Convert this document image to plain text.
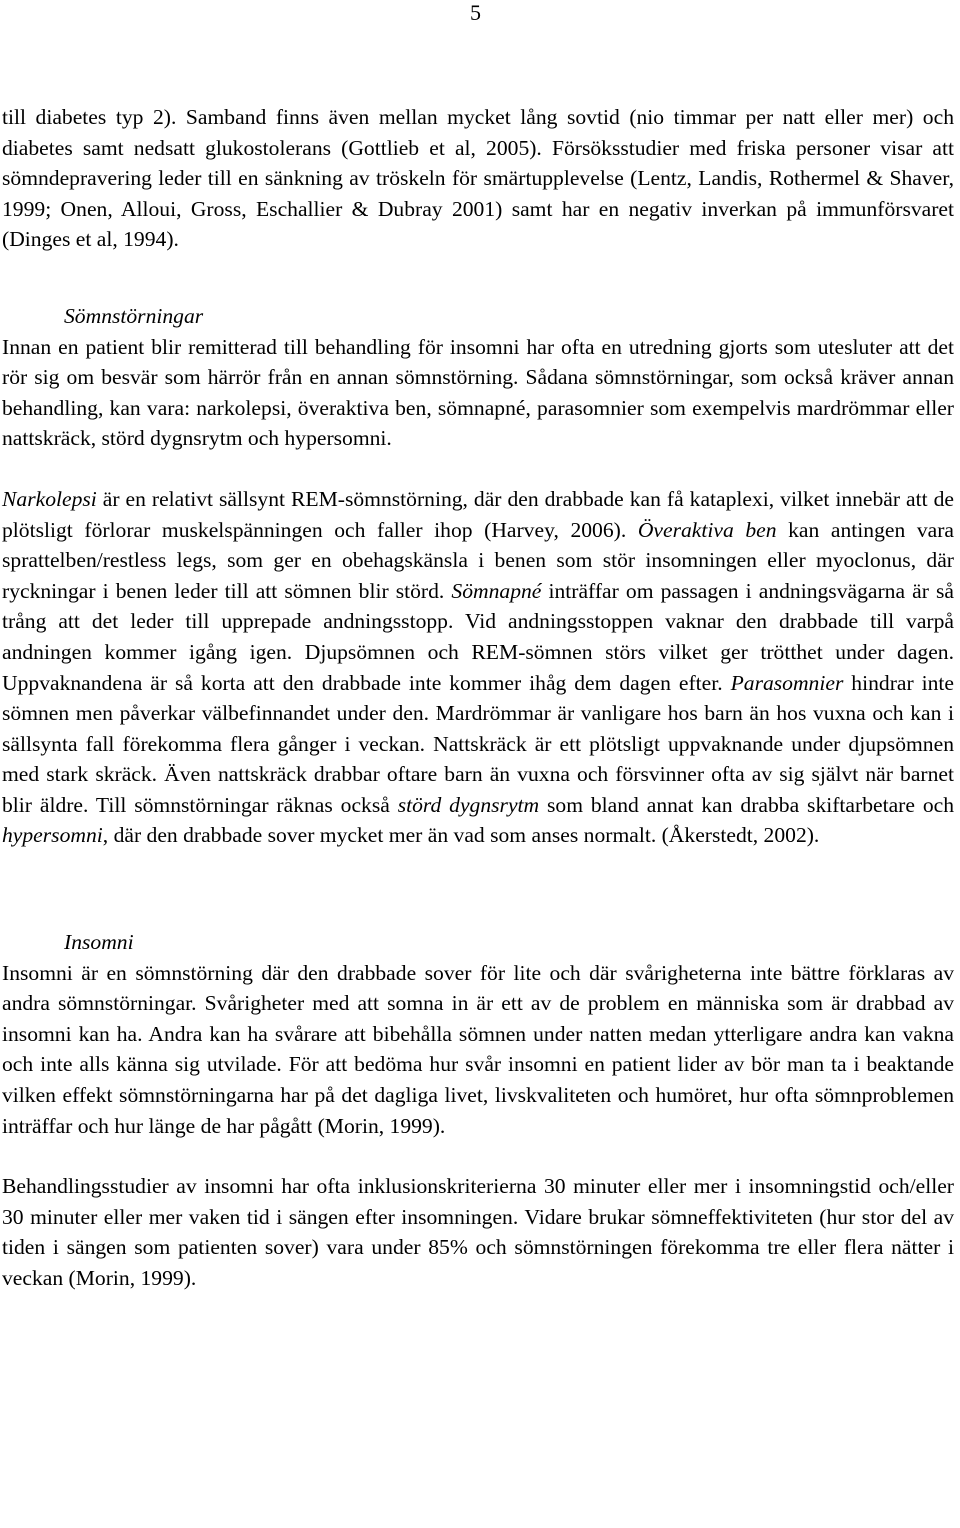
5

till diabetes typ 2). Samband finns även mellan mycket lång sovtid (nio timmar per natt eller mer) och diabetes samt nedsatt glukostolerans (Gottlieb et al, 2005). Försöksstudier med friska personer visar att sömndepravering leder till en sänkning av tröskeln för smärtupplevelse (Lentz, Landis, Rothermel & Shaver, 1999; Onen, Alloui, Gross, Eschallier & Dubray 2001) samt har en negativ inverkan på immunförsvaret (Dinges et al, 1994).

Sömnstörningar

Innan en patient blir remitterad till behandling för insomni har ofta en utredning gjorts som utesluter att det rör sig om besvär som härrör från en annan sömnstörning. Sådana sömnstörningar, som också kräver annan behandling, kan vara: narkolepsi, överaktiva ben, sömnapné, parasomnier som exempelvis mardrömmar eller nattskräck, störd dygnsrytm och hypersomni.

Narkolepsi är en relativt sällsynt REM-sömnstörning, där den drabbade kan få kataplexi, vilket innebär att de plötsligt förlorar muskelspänningen och faller ihop (Harvey, 2006). Överaktiva ben kan antingen vara sprattelben/restless legs, som ger en obehagskänsla i benen som stör insomningen eller myoclonus, där ryckningar i benen leder till att sömnen blir störd. Sömnapné inträffar om passagen i andningsvägarna är så trång att det leder till upprepade andningsstopp. Vid andningsstoppen vaknar den drabbade till varpå andningen kommer igång igen. Djupsömnen och REM-sömnen störs vilket ger trötthet under dagen. Uppvaknandena är så korta att den drabbade inte kommer ihåg dem dagen efter. Parasomnier hindrar inte sömnen men påverkar välbefinnandet under den. Mardrömmar är vanligare hos barn än hos vuxna och kan i sällsynta fall förekomma flera gånger i veckan. Nattskräck är ett plötsligt uppvaknande under djupsömnen med stark skräck. Även nattskräck drabbar oftare barn än vuxna och försvinner ofta av sig självt när barnet blir äldre. Till sömnstörningar räknas också störd dygnsrytm som bland annat kan drabba skiftarbetare och hypersomni, där den drabbade sover mycket mer än vad som anses normalt. (Åkerstedt, 2002).

Insomni

Insomni är en sömnstörning där den drabbade sover för lite och där svårigheterna inte bättre förklaras av andra sömnstörningar. Svårigheter med att somna in är ett av de problem en människa som är drabbad av insomni kan ha. Andra kan ha svårare att bibehålla sömnen under natten medan ytterligare andra kan vakna och inte alls känna sig utvilade. För att bedöma hur svår insomni en patient lider av bör man ta i beaktande vilken effekt sömnstörningarna har på det dagliga livet, livskvaliteten och humöret, hur ofta sömnproblemen inträffar och hur länge de har pågått (Morin, 1999).

Behandlingsstudier av insomni har ofta inklusionskriterierna 30 minuter eller mer i insomningstid och/eller 30 minuter eller mer vaken tid i sängen efter insomningen. Vidare brukar sömneffektiviteten (hur stor del av tiden i sängen som patienten sover) vara under 85% och sömnstörningen förekomma tre eller flera nätter i veckan (Morin, 1999).
